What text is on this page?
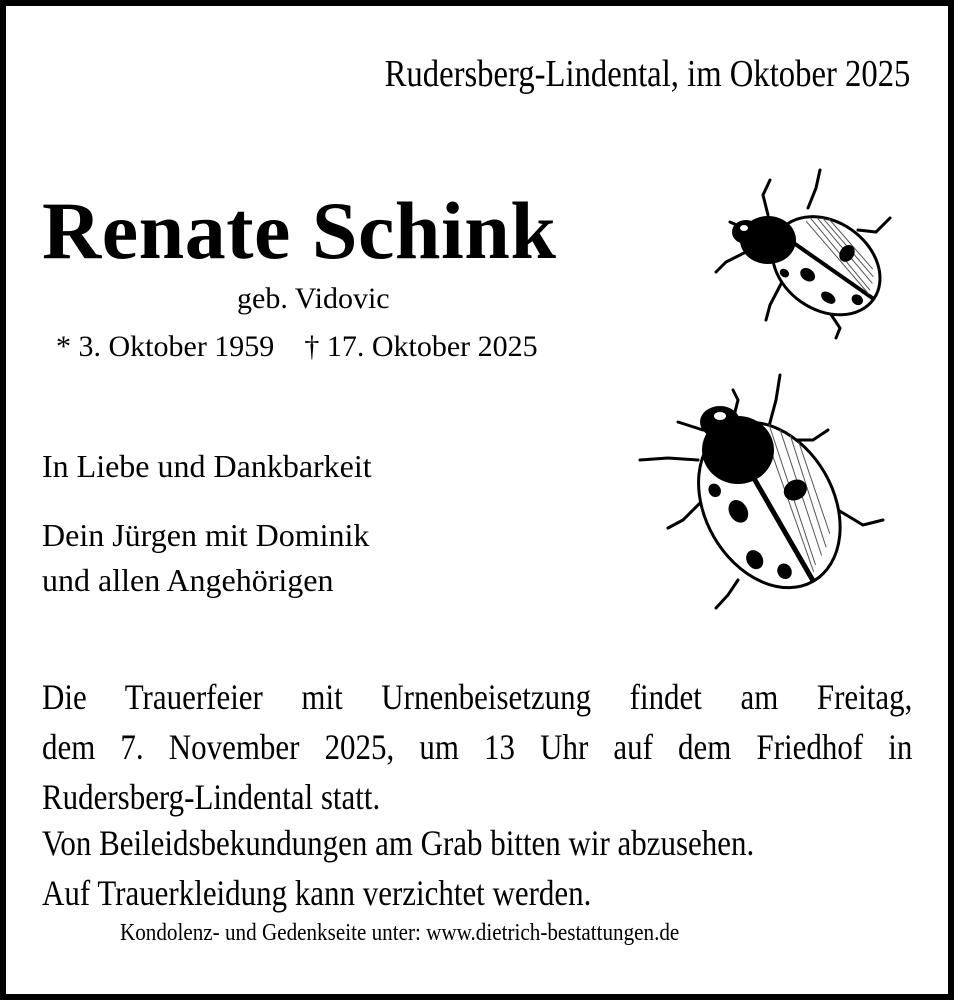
Rudersberg-Lindental, im Oktober 2025
Renate Schink
geb. Vidovic
* 3. Oktober 1959 † 17. Oktober 2025
In Liebe und Dankbarkeit
Dein Jürgen mit Dominik
und allen Angehörigen
Die Trauerfeier mit Urnenbeisetzung findet am Freitag,
dem 7. November 2025, um 13 Uhr auf dem Friedhof in
Rudersberg-Lindental statt.
Von Beileidsbekundungen am Grab bitten wir abzusehen.
Auf Trauerkleidung kann verzichtet werden.
Kondolenz- und Gedenkseite unter: www.dietrich-bestattungen.de
